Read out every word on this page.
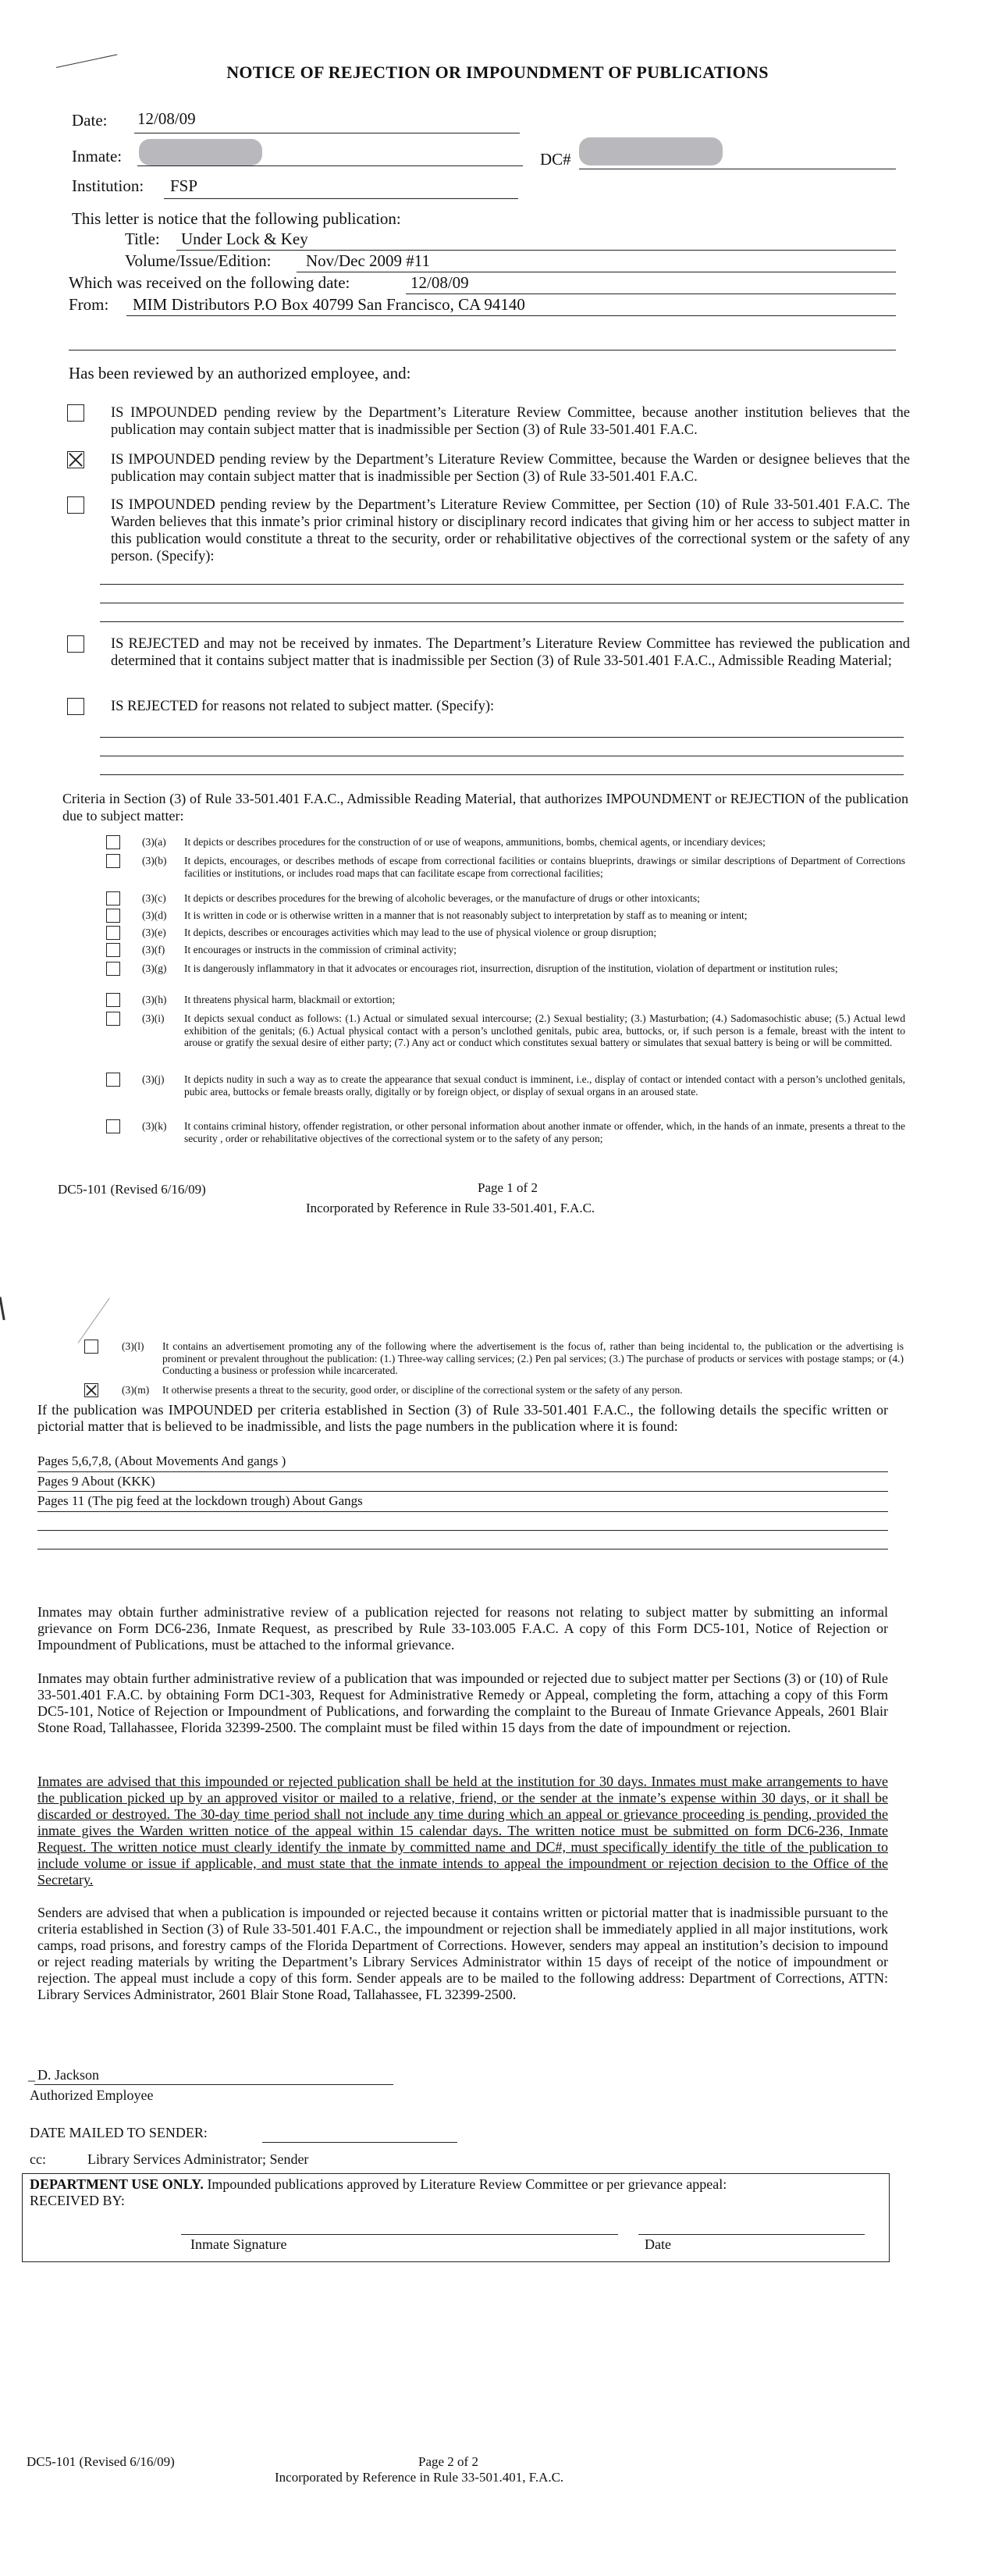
NOTICE OF REJECTION OR IMPOUNDMENT OF PUBLICATIONS
Date: 12/08/09
Inmate:	DC#
Institution: FSP
This letter is notice that the following publication:
Title: Under Lock & Key
Volume/Issue/Edition: Nov/Dec 2009 #11
Which was received on the following date:	12/08/09
From: MIM Distributors P.O Box 40799 San Francisco, CA 94140
Has been reviewed by an authorized employee, and:
IS IMPOUNDED pending review by the Department’s Literature Review Committee, because another institution believes that the publication may contain subject matter that is inadmissible per Section (3) of Rule 33-501.401 F.A.C.
IS IMPOUNDED pending review by the Department’s Literature Review Committee, because the Warden or designee believes that the publication may contain subject matter that is inadmissible per Section (3) of Rule 33-501.401 F.A.C.
IS IMPOUNDED pending review by the Department’s Literature Review Committee, per Section (10) of Rule 33-501.401 F.A.C. The Warden believes that this inmate’s prior criminal history or disciplinary record indicates that giving him or her access to subject matter in this publication would constitute a threat to the security, order or rehabilitative objectives of the correctional system or the safety of any person. (Specify):
IS REJECTED and may not be received by inmates. The Department’s Literature Review Committee has reviewed the publication and determined that it contains subject matter that is inadmissible per Section (3) of Rule 33-501.401 F.A.C., Admissible Reading Material;
IS REJECTED for reasons not related to subject matter. (Specify):
Criteria in Section (3) of Rule 33-501.401 F.A.C., Admissible Reading Material, that authorizes IMPOUNDMENT or REJECTION of the publication due to subject matter:
(3)(a) It depicts or describes procedures for the construction of or use of weapons, ammunitions, bombs, chemical agents, or incendiary devices;
(3)(b) It depicts, encourages, or describes methods of escape from correctional facilities or contains blueprints, drawings or similar descriptions of Department of Corrections facilities or institutions, or includes road maps that can facilitate escape from correctional facilities;
(3)(c) It depicts or describes procedures for the brewing of alcoholic beverages, or the manufacture of drugs or other intoxicants;
(3)(d) It is written in code or is otherwise written in a manner that is not reasonably subject to interpretation by staff as to meaning or intent;
(3)(e) It depicts, describes or encourages activities which may lead to the use of physical violence or group disruption;
(3)(f) It encourages or instructs in the commission of criminal activity;
(3)(g) It is dangerously inflammatory in that it advocates or encourages riot, insurrection, disruption of the institution, violation of department or institution rules;
(3)(h) It threatens physical harm, blackmail or extortion;
(3)(i) It depicts sexual conduct as follows: (1.) Actual or simulated sexual intercourse; (2.) Sexual bestiality; (3.) Masturbation; (4.) Sadomasochistic abuse; (5.) Actual lewd exhibition of the genitals; (6.) Actual physical contact with a person’s unclothed genitals, pubic area, buttocks, or, if such person is a female, breast with the intent to arouse or gratify the sexual desire of either party; (7.) Any act or conduct which constitutes sexual battery or simulates that sexual battery is being or will be committed.
(3)(j) It depicts nudity in such a way as to create the appearance that sexual conduct is imminent, i.e., display of contact or intended contact with a person’s unclothed genitals, pubic area, buttocks or female breasts orally, digitally or by foreign object, or display of sexual organs in an aroused state.
(3)(k) It contains criminal history, offender registration, or other personal information about another inmate or offender, which, in the hands of an inmate, presents a threat to the security , order or rehabilitative objectives of the correctional system or to the safety of any person;
DC5-101 (Revised 6/16/09)	Page 1 of 2
Incorporated by Reference in Rule 33-501.401, F.A.C.
(3)(l) It contains an advertisement promoting any of the following where the advertisement is the focus of, rather than being incidental to, the publication or the advertising is prominent or prevalent throughout the publication: (1.) Three-way calling services; (2.) Pen pal services; (3.) The purchase of products or services with postage stamps; or (4.) Conducting a business or profession while incarcerated.
(3)(m) It otherwise presents a threat to the security, good order, or discipline of the correctional system or the safety of any person.
If the publication was IMPOUNDED per criteria established in Section (3) of Rule 33-501.401 F.A.C., the following details the specific written or pictorial matter that is believed to be inadmissible, and lists the page numbers in the publication where it is found:
Pages 5,6,7,8, (About Movements And gangs )
Pages 9 About (KKK)
Pages 11 (The pig feed at the lockdown trough) About Gangs
Inmates may obtain further administrative review of a publication rejected for reasons not relating to subject matter by submitting an informal grievance on Form DC6-236, Inmate Request, as prescribed by Rule 33-103.005 F.A.C. A copy of this Form DC5-101, Notice of Rejection or Impoundment of Publications, must be attached to the informal grievance.
Inmates may obtain further administrative review of a publication that was impounded or rejected due to subject matter per Sections (3) or (10) of Rule 33-501.401 F.A.C. by obtaining Form DC1-303, Request for Administrative Remedy or Appeal, completing the form, attaching a copy of this Form DC5-101, Notice of Rejection or Impoundment of Publications, and forwarding the complaint to the Bureau of Inmate Grievance Appeals, 2601 Blair Stone Road, Tallahassee, Florida 32399-2500. The complaint must be filed within 15 days from the date of impoundment or rejection.
Inmates are advised that this impounded or rejected publication shall be held at the institution for 30 days. Inmates must make arrangements to have the publication picked up by an approved visitor or mailed to a relative, friend, or the sender at the inmate’s expense within 30 days, or it shall be discarded or destroyed. The 30-day time period shall not include any time during which an appeal or grievance proceeding is pending, provided the inmate gives the Warden written notice of the appeal within 15 calendar days. The written notice must be submitted on form DC6-236, Inmate Request. The written notice must clearly identify the inmate by committed name and DC#, must specifically identify the title of the publication to include volume or issue if applicable, and must state that the inmate intends to appeal the impoundment or rejection decision to the Office of the Secretary.
Senders are advised that when a publication is impounded or rejected because it contains written or pictorial matter that is inadmissible pursuant to the criteria established in Section (3) of Rule 33-501.401 F.A.C., the impoundment or rejection shall be immediately applied in all major institutions, work camps, road prisons, and forestry camps of the Florida Department of Corrections. However, senders may appeal an institution’s decision to impound or reject reading materials by writing the Department’s Library Services Administrator within 15 days of receipt of the notice of impoundment or rejection. The appeal must include a copy of this form. Sender appeals are to be mailed to the following address: Department of Corrections, ATTN: Library Services Administrator, 2601 Blair Stone Road, Tallahassee, FL 32399-2500.
_ D. Jackson
Authorized Employee
DATE MAILED TO SENDER:
cc:	Library Services Administrator; Sender
DEPARTMENT USE ONLY. Impounded publications approved by Literature Review Committee or per grievance appeal:
RECEIVED BY:
Inmate Signature	Date
DC5-101 (Revised 6/16/09)	Page 2 of 2
Incorporated by Reference in Rule 33-501.401, F.A.C.
